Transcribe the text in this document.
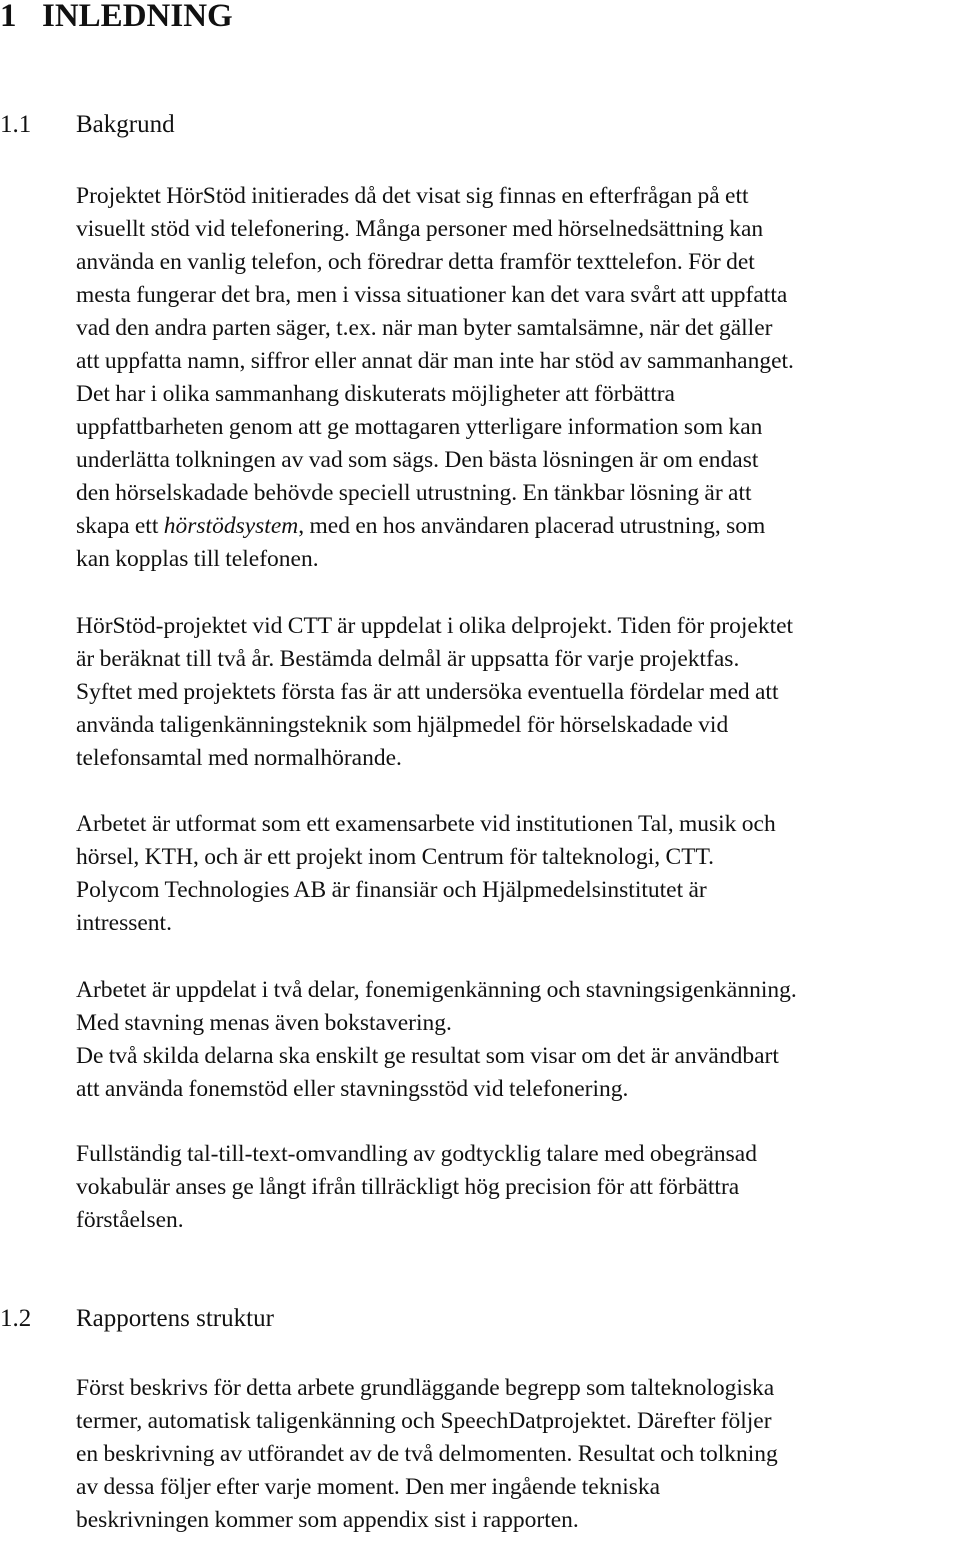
1 INLEDNING
1.1 Bakgrund

Projektet HörStöd initierades då det visat sig finnas en efterfrågan på ett
visuellt stöd vid telefonering. Många personer med hörselnedsättning kan
använda en vanlig telefon, och föredrar detta framför texttelefon. För det
mesta fungerar det bra, men i vissa situationer kan det vara svårt att uppfatta
vad den andra parten säger, t.ex. när man byter samtalsämne, när det gäller
att uppfatta namn, siffror eller annat där man inte har stöd av sammanhanget.
Det har i olika sammanhang diskuterats möjligheter att förbättra
uppfattbarheten genom att ge mottagaren ytterligare information som kan
underlätta tolkningen av vad som sägs. Den bästa lösningen är om endast
den hörselskadade behövde speciell utrustning. En tänkbar lösning är att
skapa ett hörstödsystem, med en hos användaren placerad utrustning, som
kan kopplas till telefonen.

HörStöd-projektet vid CTT är uppdelat i olika delprojekt. Tiden för projektet
är beräknat till två år. Bestämda delmål är uppsatta för varje projektfas.
Syftet med projektets första fas är att undersöka eventuella fördelar med att
använda taligenkänningsteknik som hjälpmedel för hörselskadade vid
telefonsamtal med normalhörande.

Arbetet är utformat som ett examensarbete vid institutionen Tal, musik och
hörsel, KTH, och är ett projekt inom Centrum för talteknologi, CTT.
Polycom Technologies AB är finansiär och Hjälpmedelsinstitutet är
intressent.

Arbetet är uppdelat i två delar, fonemigenkänning och stavningsigenkänning.
Med stavning menas även bokstavering.
De två skilda delarna ska enskilt ge resultat som visar om det är användbart
att använda fonemstöd eller stavningsstöd vid telefonering.

Fullständig tal-till-text-omvandling av godtycklig talare med obegränsad
vokabulär anses ge långt ifrån tillräckligt hög precision för att förbättra
förståelsen.

1.2 Rapportens struktur

Först beskrivs för detta arbete grundläggande begrepp som talteknologiska
termer, automatisk taligenkänning och SpeechDatprojektet. Därefter följer
en beskrivning av utförandet av de två delmomenten. Resultat och tolkning
av dessa följer efter varje moment. Den mer ingående tekniska
beskrivningen kommer som appendix sist i rapporten.
